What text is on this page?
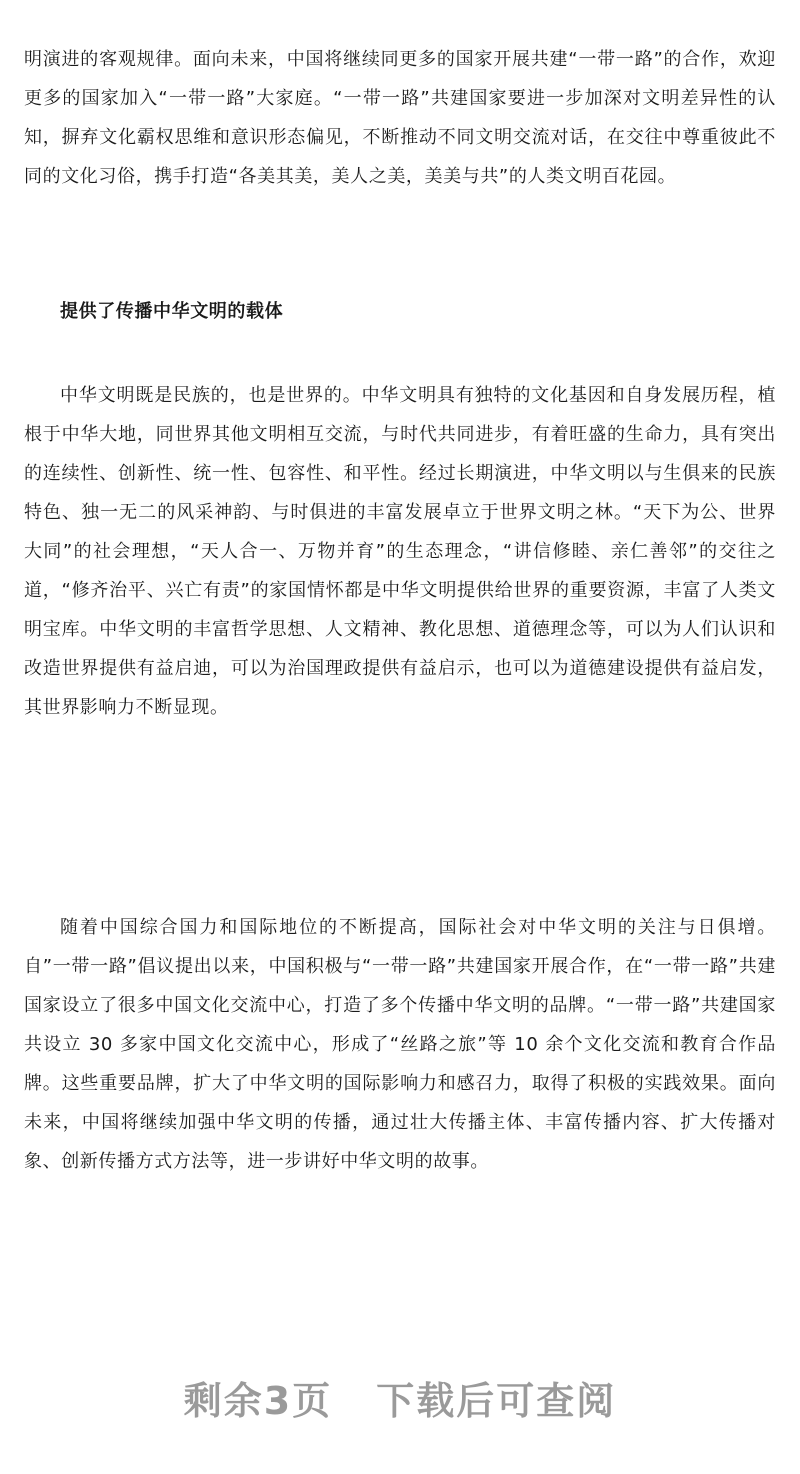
明演进的客观规律。面向未来，中国将继续同更多的国家开展共建“一带一路”的合作，欢迎更多的国家加入“一带一路”大家庭。“一带一路”共建国家要进一步加深对文明差异性的认知，摒弃文化霸权思维和意识形态偏见，不断推动不同文明交流对话，在交往中尊重彼此不同的文化习俗，携手打造“各美其美，美人之美，美美与共”的人类文明百花园。

提供了传播中华文明的载体

中华文明既是民族的，也是世界的。中华文明具有独特的文化基因和自身发展历程，植根于中华大地，同世界其他文明相互交流，与时代共同进步，有着旺盛的生命力，具有突出的连续性、创新性、统一性、包容性、和平性。经过长期演进，中华文明以与生俱来的民族特色、独一无二的风采神韵、与时俱进的丰富发展卓立于世界文明之林。“天下为公、世界大同”的社会理想，“天人合一、万物并育”的生态理念，“讲信修睦、亲仁善邻”的交往之道，“修齐治平、兴亡有责”的家国情怀都是中华文明提供给世界的重要资源，丰富了人类文明宝库。中华文明的丰富哲学思想、人文精神、教化思想、道德理念等，可以为人们认识和改造世界提供有益启迪，可以为治国理政提供有益启示，也可以为道德建设提供有益启发，其世界影响力不断显现。

随着中国综合国力和国际地位的不断提高，国际社会对中华文明的关注与日俱增。自”一带一路”倡议提出以来，中国积极与“一带一路”共建国家开展合作，在“一带一路”共建国家设立了很多中国文化交流中心，打造了多个传播中华文明的品牌。“一带一路”共建国家共设立 30 多家中国文化交流中心，形成了“丝路之旅”等 10 余个文化交流和教育合作品牌。这些重要品牌，扩大了中华文明的国际影响力和感召力，取得了积极的实践效果。面向未来，中国将继续加强中华文明的传播，通过壮大传播主体、丰富传播内容、扩大传播对象、创新传播方式方法等，进一步讲好中华文明的故事。

剩余3页 下载后可查阅
